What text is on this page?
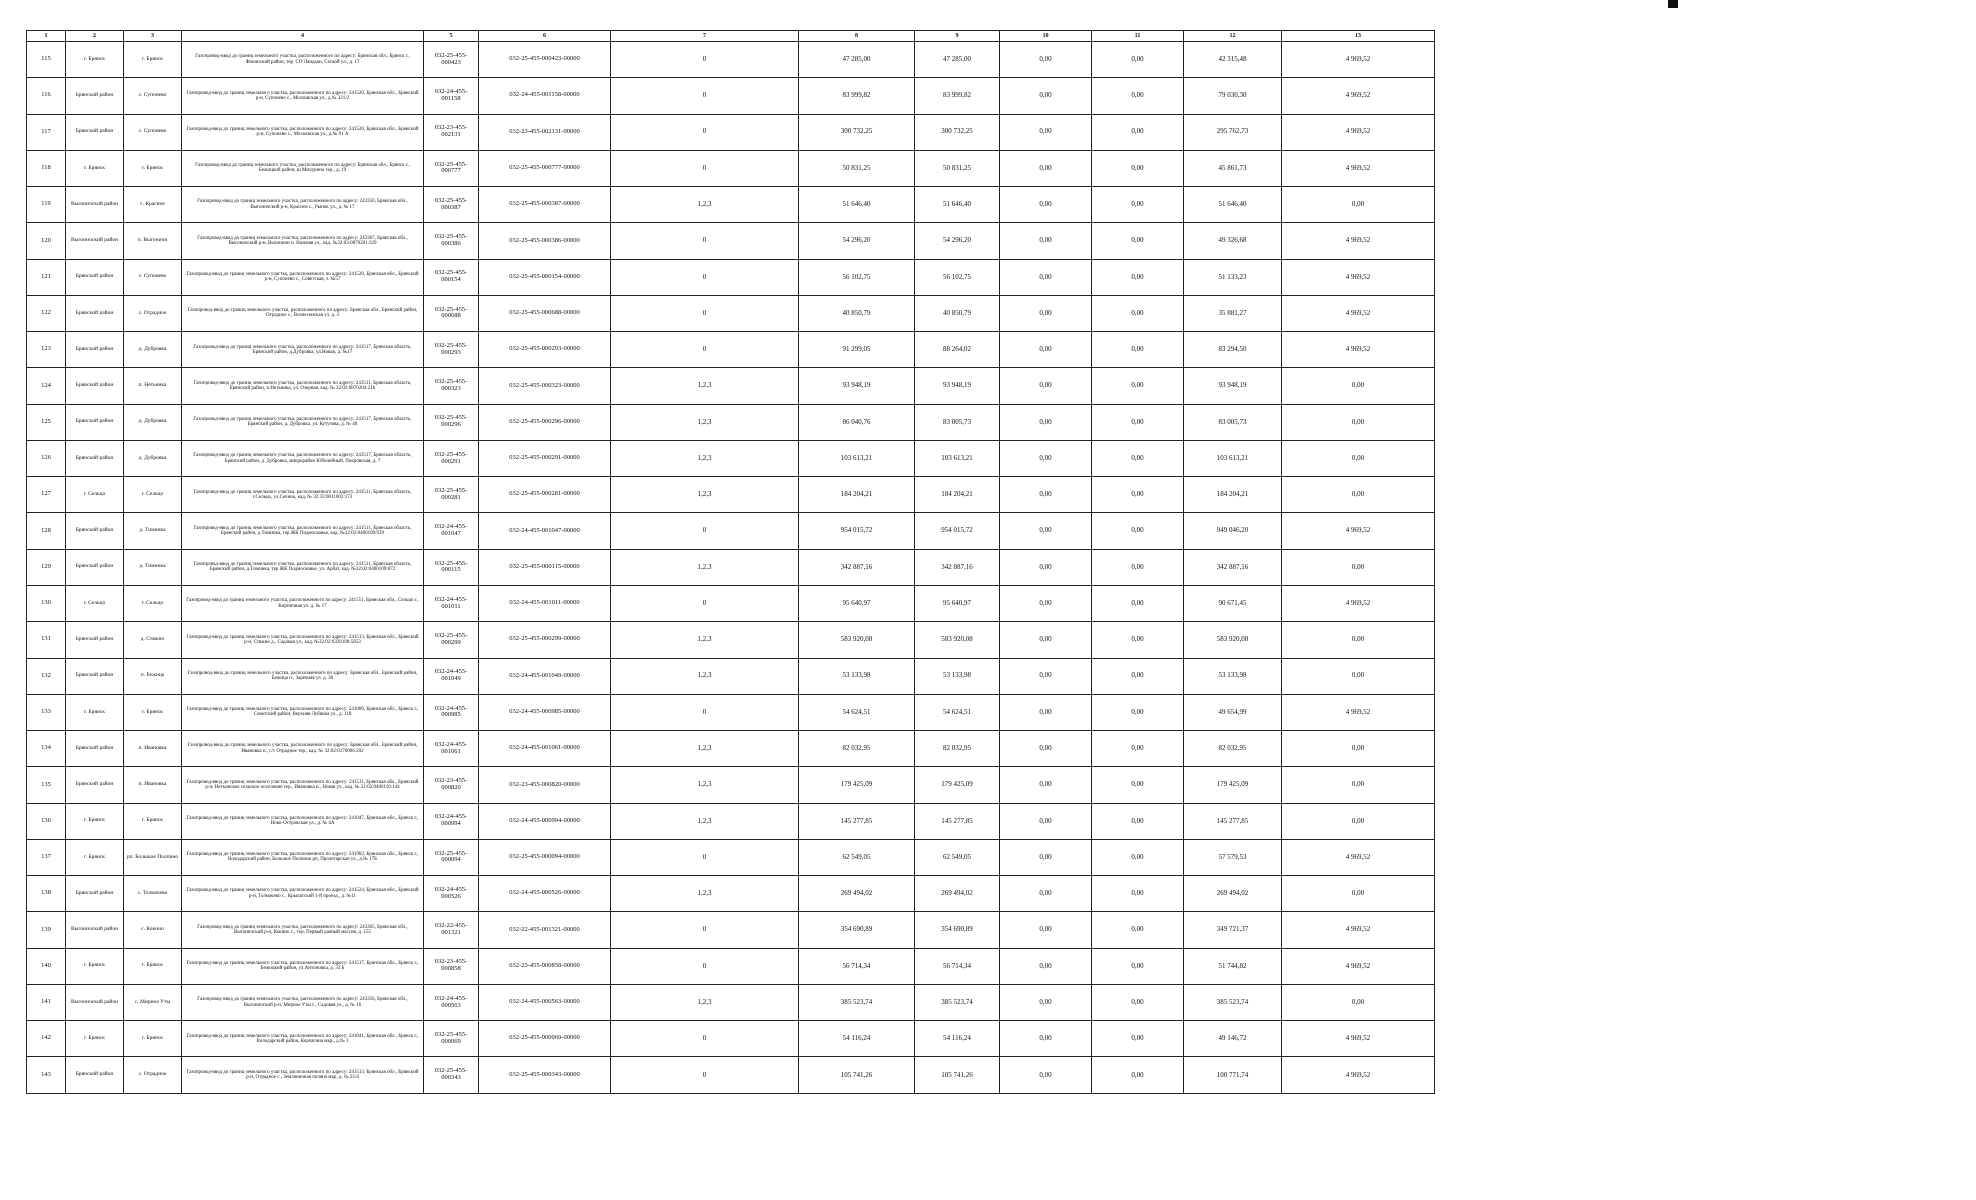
1	2	3	4	5	6	7	8	9	10	11	12	13
115	г. Брянск	г. Брянск	Газопровод-ввод до границ земельного участка, расположенного по адресу: Брянская обл., Брянск г., Фокинский район, тер. СО Ландыш, Сеской ул., д. 17	032-25-455-000423	032-25-455-000423-00000	0	47 285,00	47 285,00	0,00	0,00	42 315,48	4 969,52
116	Брянский район	с. Супонево	Газопровод-ввод до границ земельного участка, расположенного по адресу: 241520, Брянская обл., Брянский р-н, Супонево с., Московская ул., д.№ 321/2	032-24-455-001158	032-24-455-001158-00000	0	83 999,82	83 999,82	0,00	0,00	79 030,30	4 969,52
117	Брянский район	с. Супонево	Газопровод-ввод до границ земельного участка, расположенного по адресу: 241520, Брянская обл., Брянский р-н, Супонево с., Московская ул., д.№ 91 А	032-23-455-002131	032-23-455-002131-00000	0	300 732,25	300 732,25	0,00	0,00	295 762,73	4 969,52
118	г. Брянск	г. Брянск	Газопровод-ввод до границ земельного участка, расположенного по адресу: Брянская обл., Брянск г., Бежицкий район, ш Мичурина тер., д. 19	032-25-455-000777	032-25-455-000777-00000	0	50 831,25	50 831,25	0,00	0,00	45 861,73	4 969,52
119	Выгоничский район	с. Красное	Газопровод-ввод до границ земельного участка, расположенного по адресу: 243350, Брянская обл., Выгоничский р-н, Красное с., Рынок ул., д. № 17	032-25-455-000387	032-25-455-000387-00000	1,2,3	51 646,40	51 646,40	0,00	0,00	51 646,40	0,00
120	Выгоничский район	п. Выгоничи	Газопровод-ввод до границ земельного участка, расположенного по адресу: 243367, Брянская обл., Выгоничский р-н, Выгоничи п. Нижняя ул., кад. №32:03:0870201:329	032-25-455-000386	032-25-455-000386-00000	0	54 296,20	54 296,20	0,00	0,00	49 326,68	4 969,52
121	Брянский район	с. Супонево	Газопровод-ввод до границ земельного участка, расположенного по адресу: 241520, Брянская обл., Брянский р-н, Супонево с., Советская, з. №57	032-25-455-000154	032-25-455-000154-00000	0	56 102,75	56 102,75	0,00	0,00	51 133,23	4 969,52
122	Брянский район	с. Отрадное	Газопровод-ввод до границ земельного участка, расположенного по адресу: Брянская обл., Брянский район, Отрадное с., Вознесенская ул. д. 3	032-25-455-000688	032-25-455-000688-00000	0	40 850,79	40 850,79	0,00	0,00	35 881,27	4 969,52
123	Брянский район	д. Дубровка	Газопровод-ввод до границ земельного участка, расположенного по адресу: 241517, Брянская область, Брянский район, д.Дубровка, ул.Новая, д. №17	032-25-455-000293	032-25-455-000293-00000	0	91 299,05	88 264,02	0,00	0,00	83 294,50	4 969,52
124	Брянский район	п. Нетьинка	Газопровод-ввод до границ земельного участка, расположенного по адресу: 241511, Брянская область, Брянский район, п.Нетьинка, ул. Озерная, кад. № 32:02:0870204:216	032-25-455-000323	032-25-455-000323-00000	1,2,3	93 948,19	93 948,19	0,00	0,00	93 948,19	0,00
125	Брянский район	д. Дубровка	Газопровод-ввод до границ земельного участка, расположенного по адресу: 241517, Брянская область, Брянский район, д. Дубровка, ул. Кутузова, д. № 40	032-25-455-000296	032-25-455-000296-00000	1,2,3	86 040,76	83 005,73	0,00	0,00	83 005,73	0,00
126	Брянский район	д. Дубровка	Газопровод-ввод до границ земельного участка, расположенного по адресу: 241517, Брянская область, Брянский район, д. Дубровка, микрорайон Юбилейный, Покровская, д. 7	032-25-455-000291	032-25-455-000291-00000	1,2,3	103 613,21	103 613,21	0,00	0,00	103 613,21	0,00
127	г. Сельцо	г. Сельцо	Газопровод-ввод до границ земельного участка, расположенного по адресу: 241511, Брянская область, г.Сельцо, ул.Сечина, кад. № 32:32:0011003:173	032-25-455-000281	032-25-455-000281-00000	1,2,3	184 204,21	184 204,21	0,00	0,00	184 204,21	0,00
128	Брянский район	д. Тиминка	Газопровод-ввод до границ земельного участка, расположенного по адресу: 241511, Брянская область, Брянский район, д.Тиминка, тер ЖК Подмосковье, кад. №32:02:0400109:939	032-24-455-001047	032-24-455-001047-00000	0	954 015,72	954 015,72	0,00	0,00	949 046,20	4 969,52
129	Брянский район	д. Тиминка	Газопровод-ввод до границ земельного участка, расположенного по адресу: 241511, Брянская область, Брянский район, д.Тиминка, тер ЖК Подмосковье, ул. Арбат, кад. №32:02:0400109:872	032-25-455-000115	032-25-455-000115-00000	1,2,3	342 887,16	342 887,16	0,00	0,00	342 887,16	0,00
130	г. Сельцо	г. Сельцо	Газопровод-ввод до границ земельного участка, расположенного по адресу: 241551, Брянская обл., Сельцо г., Кирпичная ул. д. № 17	032-24-455-001011	032-24-455-001011-00000	0	95 640,97	95 640,97	0,00	0,00	90 671,45	4 969,52
131	Брянский район	д. Стяжно	Газопровод-ввод до границ земельного участка, расположенного по адресу: 241513, Брянская обл., Брянский р-н, Стяжно д., Садовая ул., кад. №32:02:0320108:5853	032-25-455-000299	032-25-455-000299-00000	1,2,3	583 920,08	583 920,08	0,00	0,00	583 920,08	0,00
132	Брянский район	п. Бежица	Газопровод-ввод до границ земельного участка, расположенного по адресу: Брянская обл., Брянский район, Бежица п., Заречная ул. д. 36	032-24-455-001049	032-24-455-001049-00000	1,2,3	53 133,98	53 133,98	0,00	0,00	53 133,98	0,00
133	г. Брянск	г. Брянск	Газопровод-ввод до границ земельного участка, расположенного по адресу: 241006, Брянская обл., Брянск г., Советский район, Верхняя Лубянка ул., д. 118	032-24-455-000985	032-24-455-000985-00000	0	54 624,51	54 624,51	0,00	0,00	49 654,99	4 969,52
134	Брянский район	п. Ивановка	Газопровод-ввод до границ земельного участка, расположенного по адресу: Брянская обл., Брянский район, Ивановка п., с/т Отрадное тер., кад. № 32:02:0170006:202	032-24-455-001061	032-24-455-001061-00000	1,2,3	82 032,95	82 032,95	0,00	0,00	82 032,95	0,00
135	Брянский район	п. Ивановка	Газопровод-ввод до границ земельного участка, расположенного по адресу: 241511, Брянская обл., Брянский р-н, Нетьинское сельское поселение тер., Ивановка п., Новая ул., кад. № 32:02:0400110:144	032-23-455-000820	032-23-455-000820-00000	1,2,3	179 425,09	179 425,09	0,00	0,00	179 425,09	0,00
136	г. Брянск	г. Брянск	Газопровод-ввод до границ земельного участка, расположенного по адресу: 241047, Брянская обл., Брянск г., Ново-Островская ул., д. № 4А	032-24-455-000994	032-24-455-000994-00000	1,2,3	145 277,85	145 277,85	0,00	0,00	145 277,85	0,00
137	г. Брянск	рп. Большое Полпино	Газопровод-ввод до границ земельного участка, расположенного по адресу: 241902, Брянская обл., Брянск г., Володарский район, Большое Полпино рп, Пролетарская ул., д.№ 17Б	032-25-455-000094	032-25-455-000094-00000	0	62 549,05	62 549,05	0,00	0,00	57 579,53	4 969,52
138	Брянский район	с. Толмачево	Газопровод-ввод до границ земельного участка, расположенного по адресу: 241524, Брянская обл., Брянский р-н, Толмачево с., Крылатский 1-й проезд., д. №11	032-24-455-000526	032-24-455-000526-00000	1,2,3	269 494,02	269 494,02	0,00	0,00	269 494,02	0,00
139	Выгоничский район	с. Кокино	Газопровод-ввод до границ земельного участка, расположенного по адресу: 243365, Брянская обл., Выгоничский р-н, Кокино с., тер. Первый дачный массив, д. 155	032-22-455-001321	032-22-455-001321-00000	0	354 690,89	354 690,89	0,00	0,00	349 721,37	4 969,52
140	г. Брянск	г. Брянск	Газопровод-ввод до границ земельного участка, расположенного по адресу: 241517, Брянская обл., Брянск г., Бежицкий район, ул.Антоновка, д. 33 Б	032-23-455-000858	032-23-455-000858-00000	0	56 714,34	56 714,34	0,00	0,00	51 744,82	4 969,52
141	Выгоничский район	с. Мирное Уты	Газопровод-ввод до границ земельного участка, расположенного по адресу: 243356, Брянская обл., Выгоничский р-н, Мирное Уты с., Садовая ул., д. № 16	032-24-455-000563	032-24-455-000563-00000	1,2,3	385 523,74	385 523,74	0,00	0,00	385 523,74	0,00
142	г. Брянск	г. Брянск	Газопровод-ввод до границ земельного участка, расположенного по адресу: 241041, Брянская обл., Брянск г., Володарский район, Корчагина мкр., д.№ 3	032-25-455-000069	032-25-455-000069-00000	0	54 116,24	54 116,24	0,00	0,00	49 146,72	4 969,52
143	Брянский район	с. Отрадное	Газопровод-ввод до границ земельного участка, расположенного по адресу: 241513, Брянская обл., Брянский р-н, Отрадное с., Земляничная поляна мкр, д. № 25/4	032-25-455-000343	032-25-455-000343-00000	0	105 741,26	105 741,26	0,00	0,00	100 771,74	4 969,52
